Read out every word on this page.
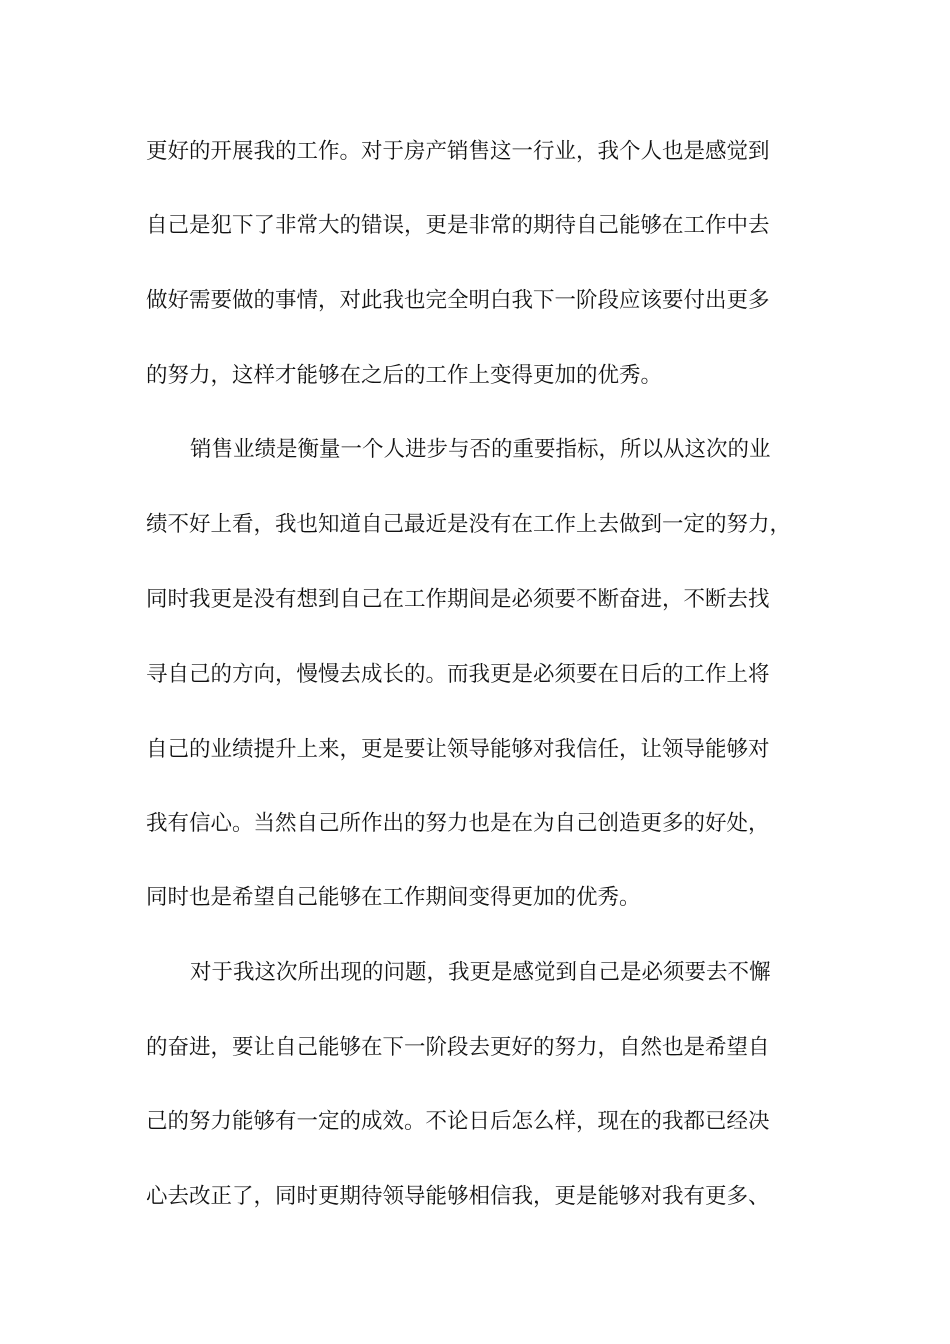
更好的开展我的工作。对于房产销售这一行业，我个人也是感觉到
自己是犯下了非常大的错误，更是非常的期待自己能够在工作中去
做好需要做的事情，对此我也完全明白我下一阶段应该要付出更多
的努力，这样才能够在之后的工作上变得更加的优秀。
销售业绩是衡量一个人进步与否的重要指标，所以从这次的业
绩不好上看，我也知道自己最近是没有在工作上去做到一定的努力，
同时我更是没有想到自己在工作期间是必须要不断奋进，不断去找
寻自己的方向，慢慢去成长的。而我更是必须要在日后的工作上将
自己的业绩提升上来，更是要让领导能够对我信任，让领导能够对
我有信心。当然自己所作出的努力也是在为自己创造更多的好处，
同时也是希望自己能够在工作期间变得更加的优秀。
对于我这次所出现的问题，我更是感觉到自己是必须要去不懈
的奋进，要让自己能够在下一阶段去更好的努力，自然也是希望自
己的努力能够有一定的成效。不论日后怎么样，现在的我都已经决
心去改正了，同时更期待领导能够相信我，更是能够对我有更多、
